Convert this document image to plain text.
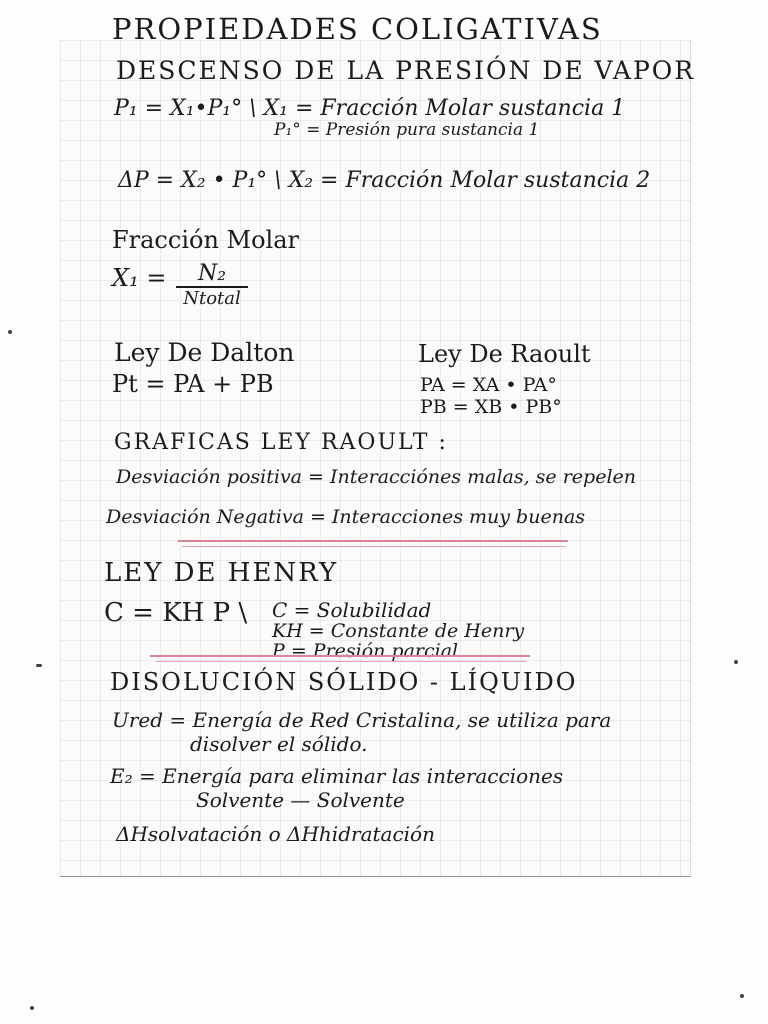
PROPIEDADES COLIGATIVAS
DESCENSO DE LA PRESIÓN DE VAPOR
P₁ = X₁•P₁° \ X₁ = Fracción Molar sustancia 1
P₁° = Presión pura sustancia 1
ΔP = X₂ • P₁° \ X₂ = Fracción Molar sustancia 2
Fracción Molar
X₁ =	N₂
Ntotal
Ley De Dalton
Pt = PA + PB
Ley De Raoult
PA = XA • PA°
PB = XB • PB°
GRAFICAS LEY RAOULT :
Desviación positiva = Interacciónes malas, se repelen
Desviación Negativa = Interacciones muy buenas
LEY DE HENRY
C = KH P \ C = Solubilidad
KH = Constante de Henry
P = Presión parcial
DISOLUCIÓN SÓLIDO - LÍQUIDO
Ured = Energía de Red Cristalina, se utiliza para
disolver el sólido.
E₂ = Energía para eliminar las interacciones
Solvente — Solvente
ΔHsolvatación o ΔHhidratación
